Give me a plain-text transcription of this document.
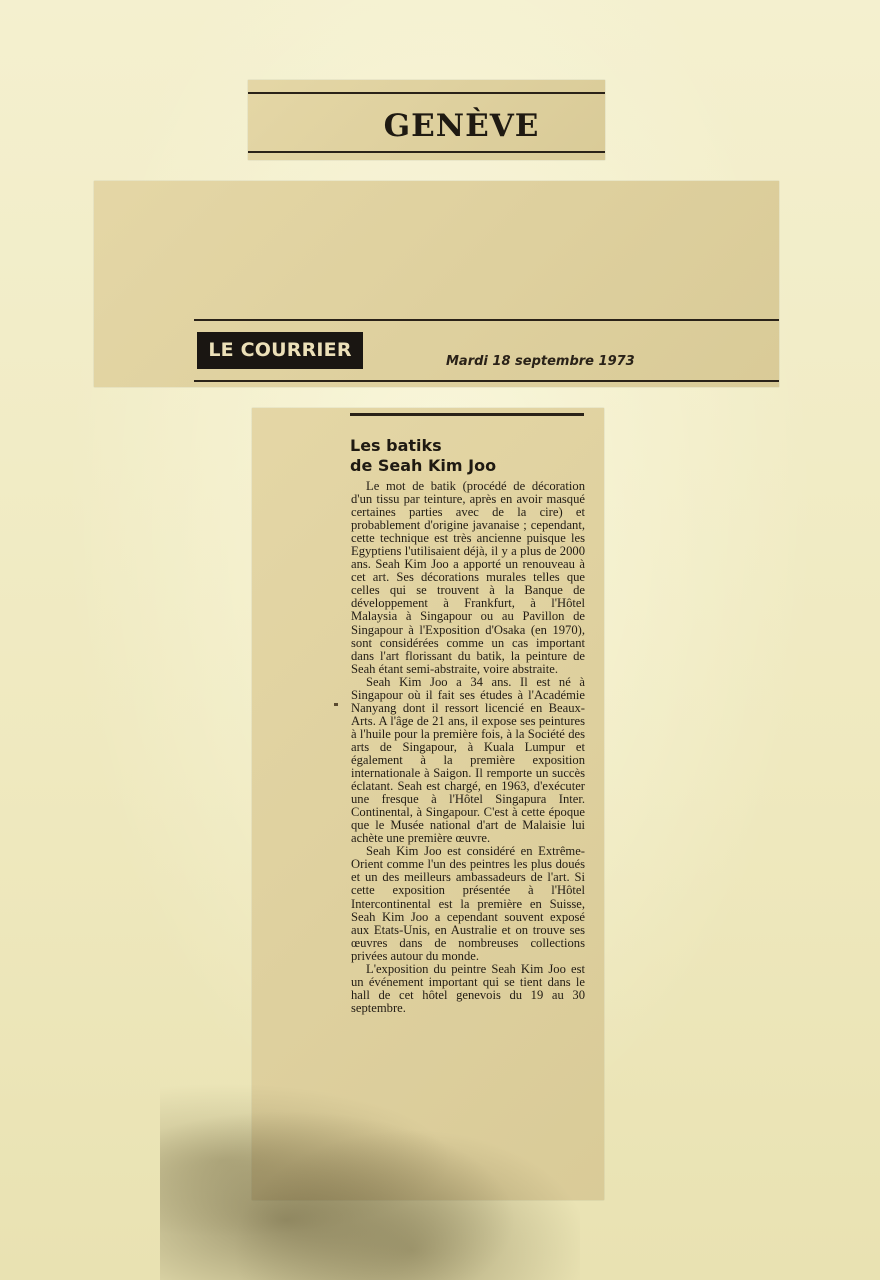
GENÈVE
LE COURRIER
Mardi 18 septembre 1973
Les batiks
de Seah Kim Joo

Le mot de batik (procédé de décoration d'un tissu par teinture, après en avoir masqué certaines parties avec de la cire) et probablement d'origine javanaise ; cependant, cette technique est très ancienne puisque les Egyptiens l'utilisaient déjà, il y a plus de 2000 ans. Seah Kim Joo a apporté un renouveau à cet art. Ses décorations murales telles que celles qui se trouvent à la Banque de développement à Frankfurt, à l'Hôtel Malaysia à Singapour ou au Pavillon de Singapour à l'Exposition d'Osaka (en 1970), sont considérées comme un cas important dans l'art florissant du batik, la peinture de Seah étant semi-abstraite, voire abstraite.

Seah Kim Joo a 34 ans. Il est né à Singapour où il fait ses études à l'Académie Nanyang dont il ressort licencié en Beaux-Arts. A l'âge de 21 ans, il expose ses peintures à l'huile pour la première fois, à la Société des arts de Singapour, à Kuala Lumpur et également à la première exposition internationale à Saigon. Il remporte un succès éclatant. Seah est chargé, en 1963, d'exécuter une fresque à l'Hôtel Singapura Inter. Continental, à Singapour. C'est à cette époque que le Musée national d'art de Malaisie lui achète une première œuvre.

Seah Kim Joo est considéré en Extrême-Orient comme l'un des peintres les plus doués et un des meilleurs ambassadeurs de l'art. Si cette exposition présentée à l'Hôtel Intercontinental est la première en Suisse, Seah Kim Joo a cependant souvent exposé aux Etats-Unis, en Australie et on trouve ses œuvres dans de nombreuses collections privées autour du monde.

L'exposition du peintre Seah Kim Joo est un événement important qui se tient dans le hall de cet hôtel genevois du 19 au 30 septembre.
